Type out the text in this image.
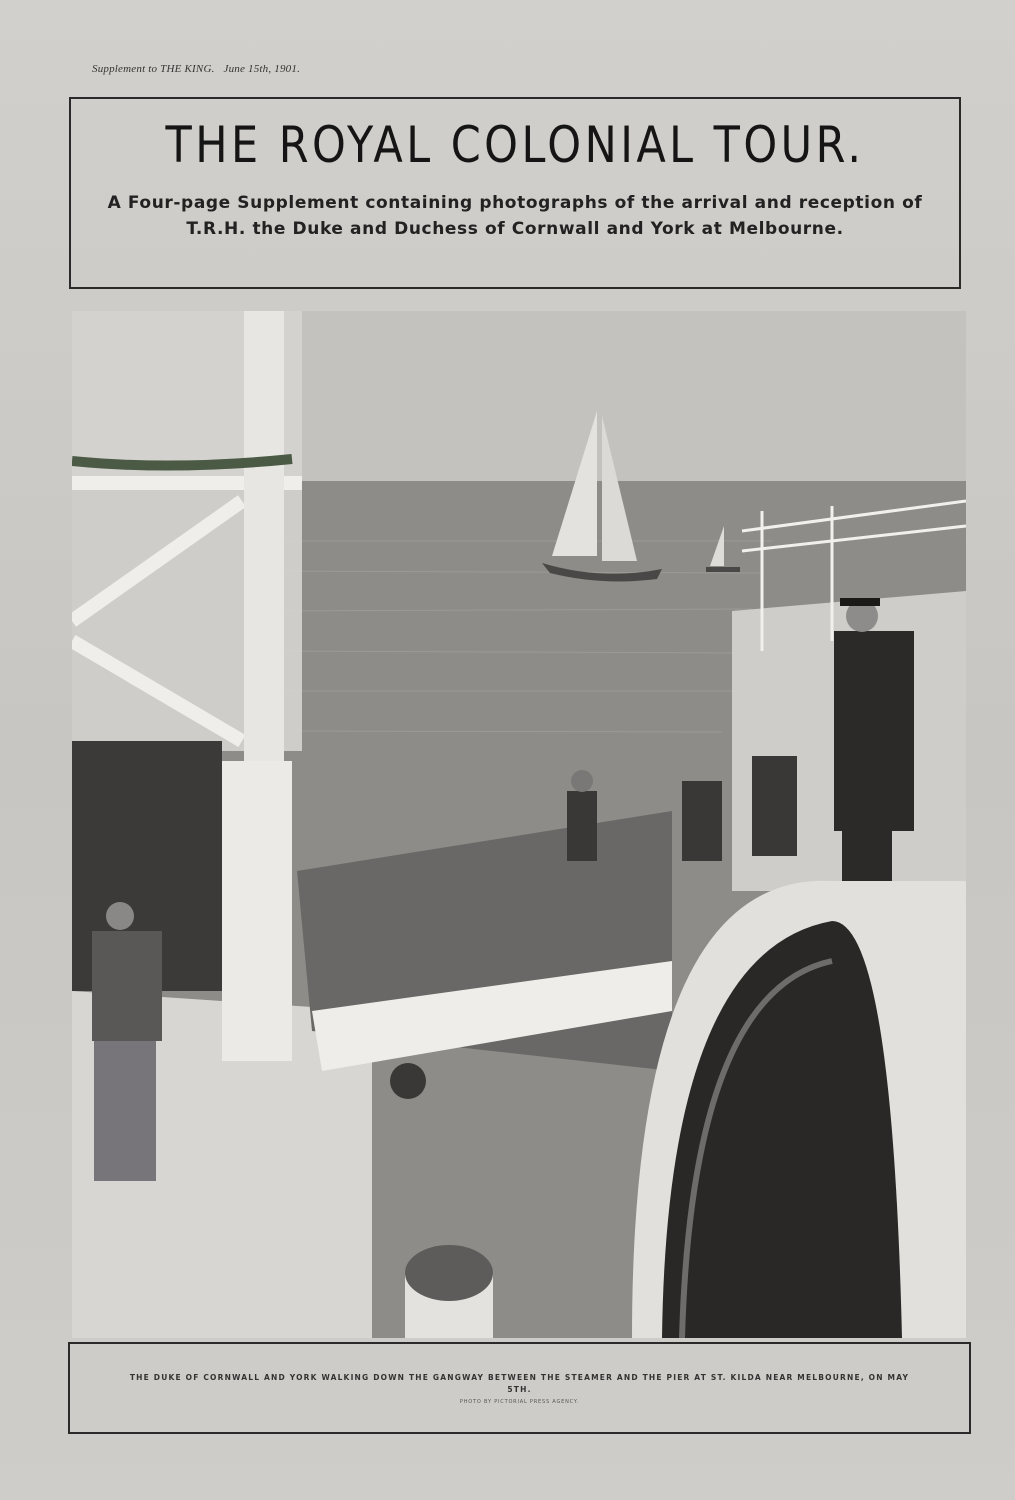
Supplement to THE KING. June 15th, 1901.
THE ROYAL COLONIAL TOUR.
A Four-page Supplement containing photographs of the arrival and reception of T.R.H. the Duke and Duchess of Cornwall and York at Melbourne.
THE DUKE OF CORNWALL AND YORK WALKING DOWN THE GANGWAY BETWEEN THE STEAMER AND THE PIER AT ST. KILDA NEAR MELBOURNE, ON MAY 5TH.
PHOTO BY PICTORIAL PRESS AGENCY.
